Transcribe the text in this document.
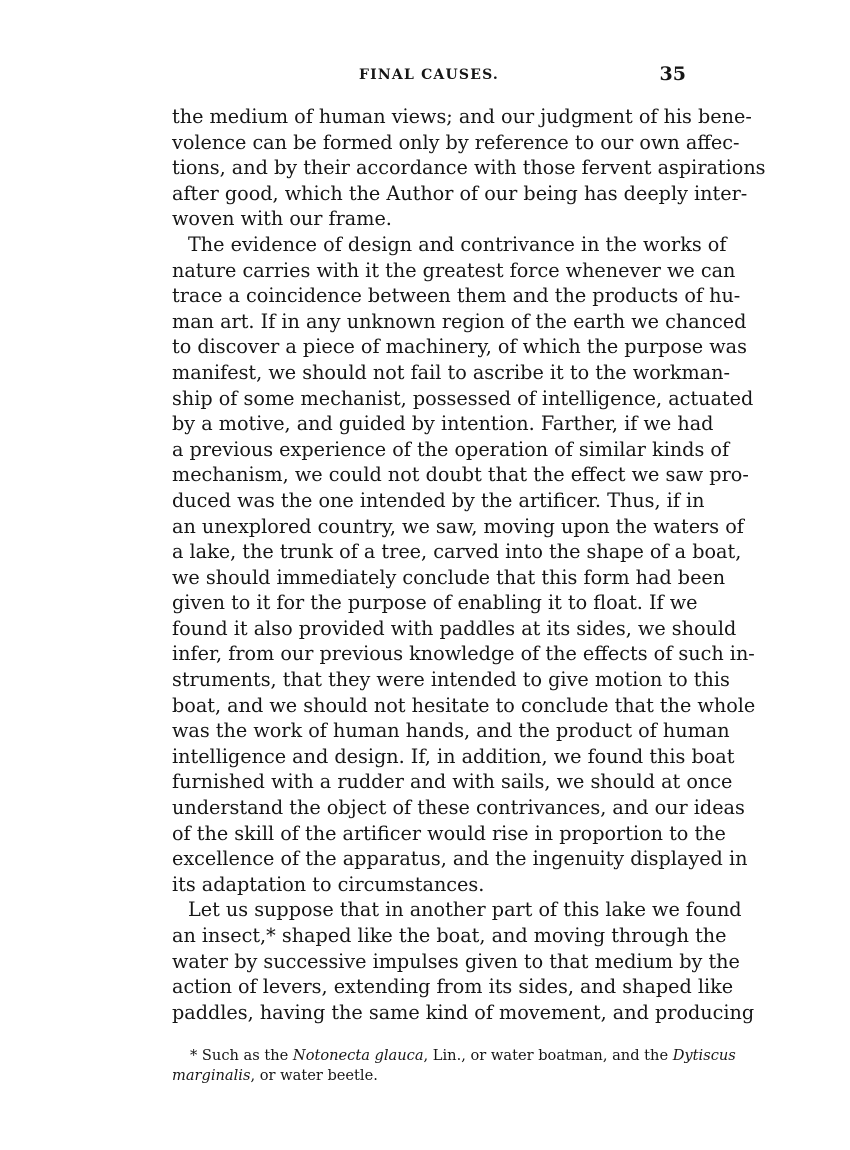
FINAL CAUSES.	35
the medium of human views; and our judgment of his bene-
volence can be formed only by reference to our own affec-
tions, and by their accordance with those fervent aspirations
after good, which the Author of our being has deeply inter-
woven with our frame.
The evidence of design and contrivance in the works of
nature carries with it the greatest force whenever we can
trace a coincidence between them and the products of hu-
man art. If in any unknown region of the earth we chanced
to discover a piece of machinery, of which the purpose was
manifest, we should not fail to ascribe it to the workman-
ship of some mechanist, possessed of intelligence, actuated
by a motive, and guided by intention. Farther, if we had
a previous experience of the operation of similar kinds of
mechanism, we could not doubt that the effect we saw pro-
duced was the one intended by the artificer. Thus, if in
an unexplored country, we saw, moving upon the waters of
a lake, the trunk of a tree, carved into the shape of a boat,
we should immediately conclude that this form had been
given to it for the purpose of enabling it to float. If we
found it also provided with paddles at its sides, we should
infer, from our previous knowledge of the effects of such in-
struments, that they were intended to give motion to this
boat, and we should not hesitate to conclude that the whole
was the work of human hands, and the product of human
intelligence and design. If, in addition, we found this boat
furnished with a rudder and with sails, we should at once
understand the object of these contrivances, and our ideas
of the skill of the artificer would rise in proportion to the
excellence of the apparatus, and the ingenuity displayed in
its adaptation to circumstances.
Let us suppose that in another part of this lake we found
an insect,* shaped like the boat, and moving through the
water by successive impulses given to that medium by the
action of levers, extending from its sides, and shaped like
paddles, having the same kind of movement, and producing
* Such as the Notonecta glauca, Lin., or water boatman, and the Dytiscus
marginalis, or water beetle.
